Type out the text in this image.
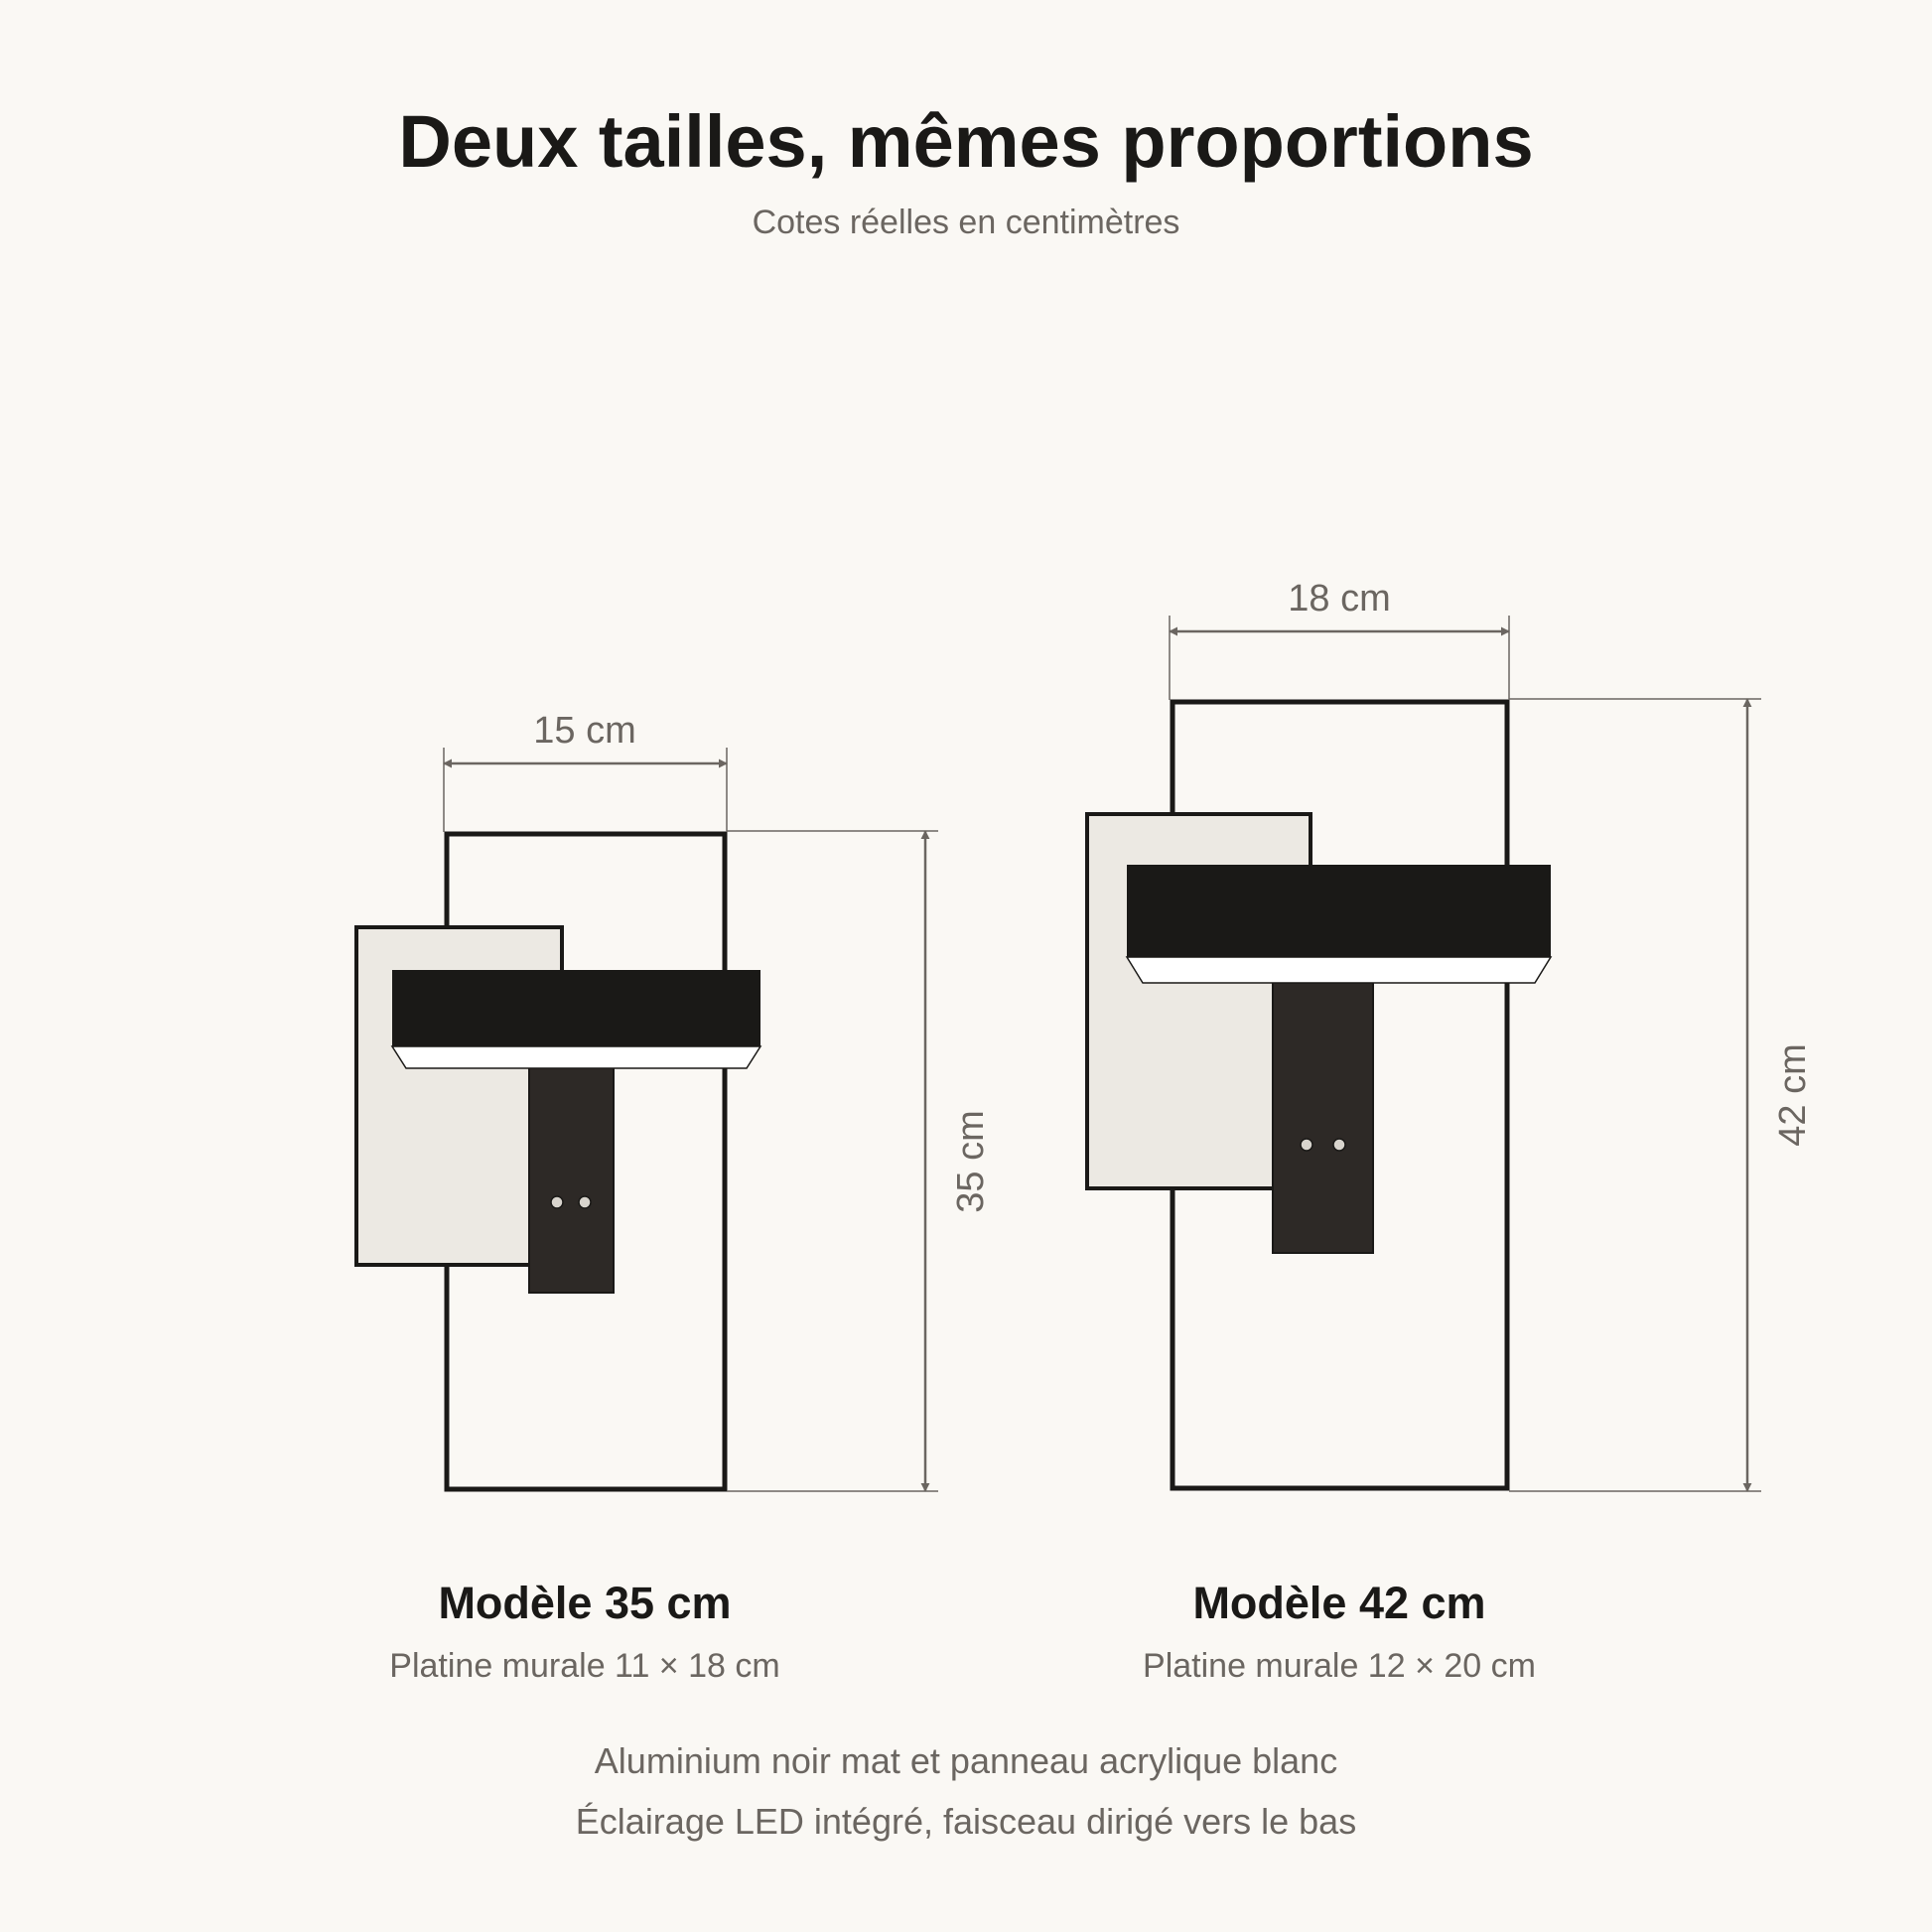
Deux tailles, mêmes proportions
Cotes réelles en centimètres
15 cm
35 cm
18 cm
42 cm
Modèle 35 cm
Platine murale 11 × 18 cm
Modèle 42 cm
Platine murale 12 × 20 cm
Aluminium noir mat et panneau acrylique blanc
Éclairage LED intégré, faisceau dirigé vers le bas
